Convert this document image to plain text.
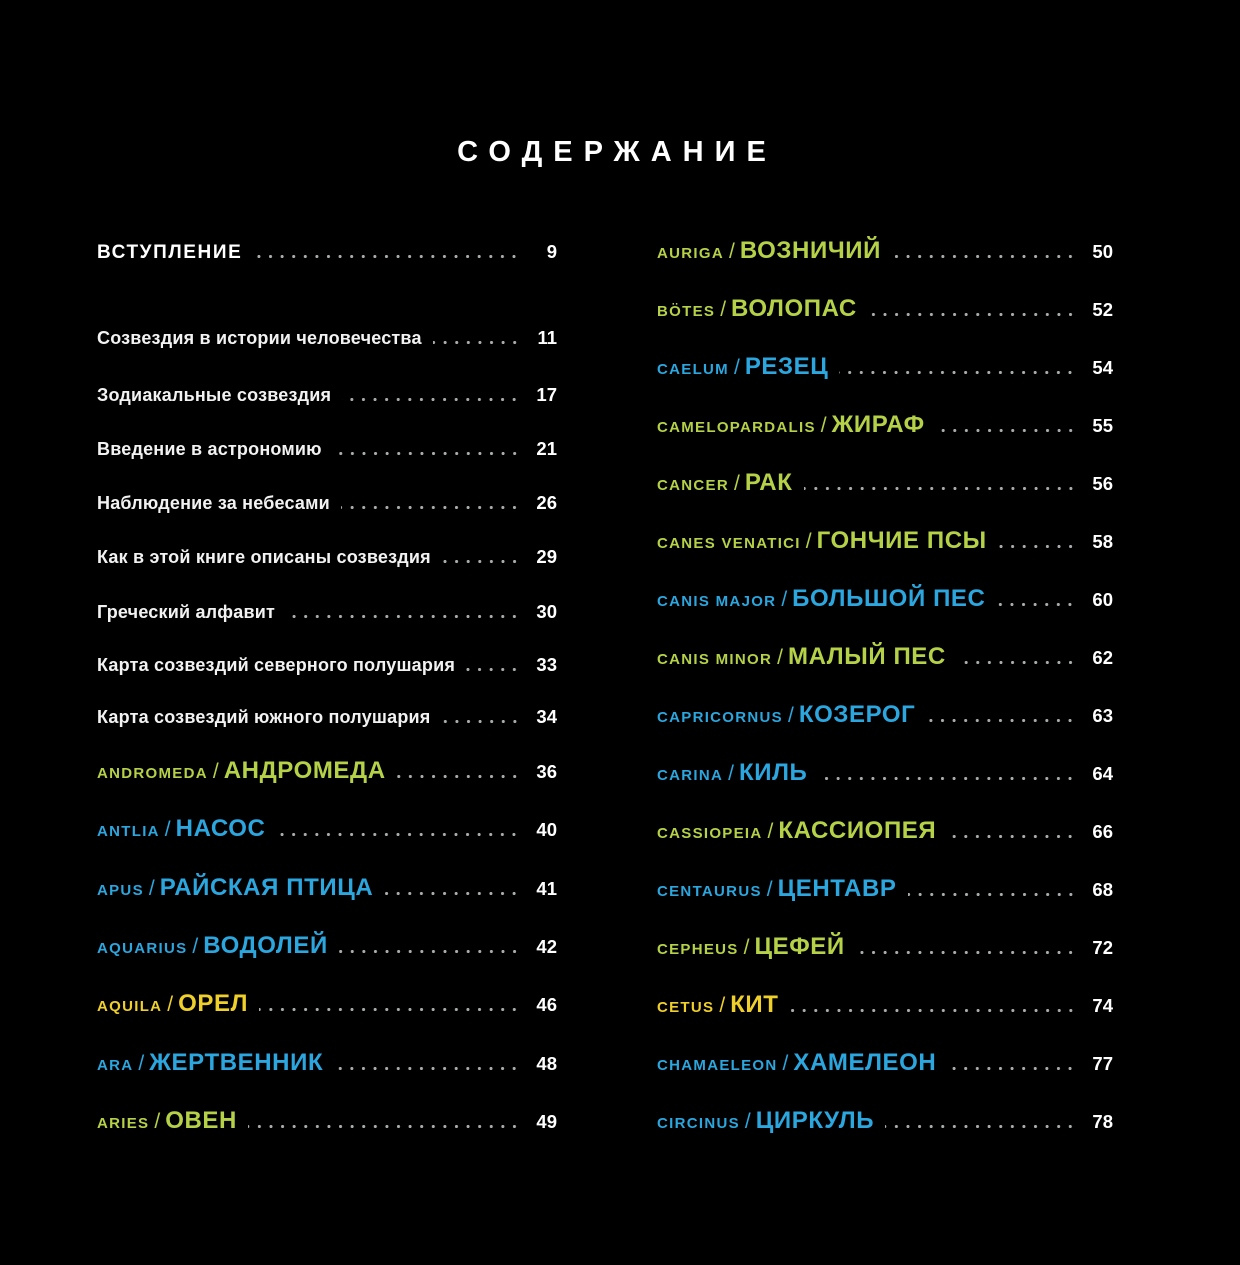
СОДЕРЖАНИЕ
ВСТУПЛЕНИЕ	9
Созвездия в истории человечества	11
Зодиакальные созвездия	17
Введение в астрономию	21
Наблюдение за небесами	26
Как в этой книге описаны созвездия	29
Греческий алфавит	30
Карта созвездий северного полушария	33
Карта созвездий южного полушария	34
ANDROMEDA / АНДРОМЕДА	36
ANTLIA / НАСОС	40
APUS / РАЙСКАЯ ПТИЦА	41
AQUARIUS / ВОДОЛЕЙ	42
AQUILA / ОРЕЛ	46
ARA / ЖЕРТВЕННИК	48
ARIES / ОВЕН	49
AURIGA / ВОЗНИЧИЙ	50
BÖTES / ВОЛОПАС	52
CAELUM / РЕЗЕЦ	54
CAMELOPARDALIS / ЖИРАФ	55
CANCER / РАК	56
CANES VENATICI / ГОНЧИЕ ПСЫ	58
CANIS MAJOR / БОЛЬШОЙ ПЕС	60
CANIS MINOR / МАЛЫЙ ПЕС	62
CAPRICORNUS / КОЗЕРОГ	63
CARINA / КИЛЬ	64
CASSIOPEIA / КАССИОПЕЯ	66
CENTAURUS / ЦЕНТАВР	68
CEPHEUS / ЦЕФЕЙ	72
CETUS / КИТ	74
CHAMAELEON / ХАМЕЛЕОН	77
CIRCINUS / ЦИРКУЛЬ	78
